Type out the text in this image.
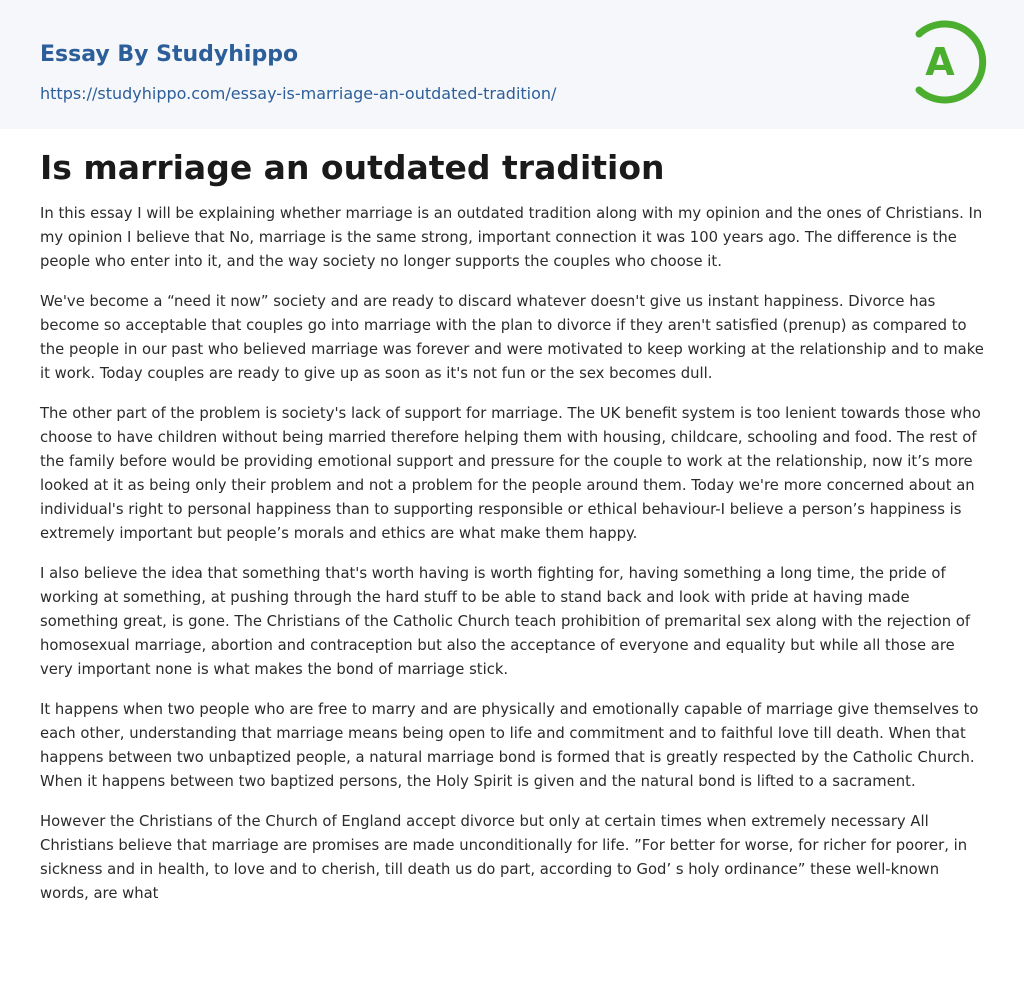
Essay By Studyhippo
https://studyhippo.com/essay-is-marriage-an-outdated-tradition/
A
Is marriage an outdated tradition

In this essay I will be explaining whether marriage is an outdated tradition along with my opinion and the ones of Christians. In my opinion I believe that No, marriage is the same strong, important connection it was 100 years ago. The difference is the people who enter into it, and the way society no longer supports the couples who choose it.

We've become a “need it now” society and are ready to discard whatever doesn't give us instant happiness. Divorce has become so acceptable that couples go into marriage with the plan to divorce if they aren't satisfied (prenup) as compared to the people in our past who believed marriage was forever and were motivated to keep working at the relationship and to make it work. Today couples are ready to give up as soon as it's not fun or the sex becomes dull.

The other part of the problem is society's lack of support for marriage. The UK benefit system is too lenient towards those who choose to have children without being married therefore helping them with housing, childcare, schooling and food. The rest of the family before would be providing emotional support and pressure for the couple to work at the relationship, now it’s more looked at it as being only their problem and not a problem for the people around them. Today we're more concerned about an individual's right to personal happiness than to supporting responsible or ethical behaviour-I believe a person’s happiness is extremely important but people’s morals and ethics are what make them happy.

I also believe the idea that something that's worth having is worth fighting for, having something a long time, the pride of working at something, at pushing through the hard stuff to be able to stand back and look with pride at having made something great, is gone. The Christians of the Catholic Church teach prohibition of premarital sex along with the rejection of homosexual marriage, abortion and contraception but also the acceptance of everyone and equality but while all those are very important none is what makes the bond of marriage stick.

It happens when two people who are free to marry and are physically and emotionally capable of marriage give themselves to each other, understanding that marriage means being open to life and commitment and to faithful love till death. When that happens between two unbaptized people, a natural marriage bond is formed that is greatly respected by the Catholic Church. When it happens between two baptized persons, the Holy Spirit is given and the natural bond is lifted to a sacrament.

However the Christians of the Church of England accept divorce but only at certain times when extremely necessary All Christians believe that marriage are promises are made unconditionally for life. ”For better for worse, for richer for poorer, in sickness and in health, to love and to cherish, till death us do part, according to God’ s holy ordinance” these well-known words, are what
